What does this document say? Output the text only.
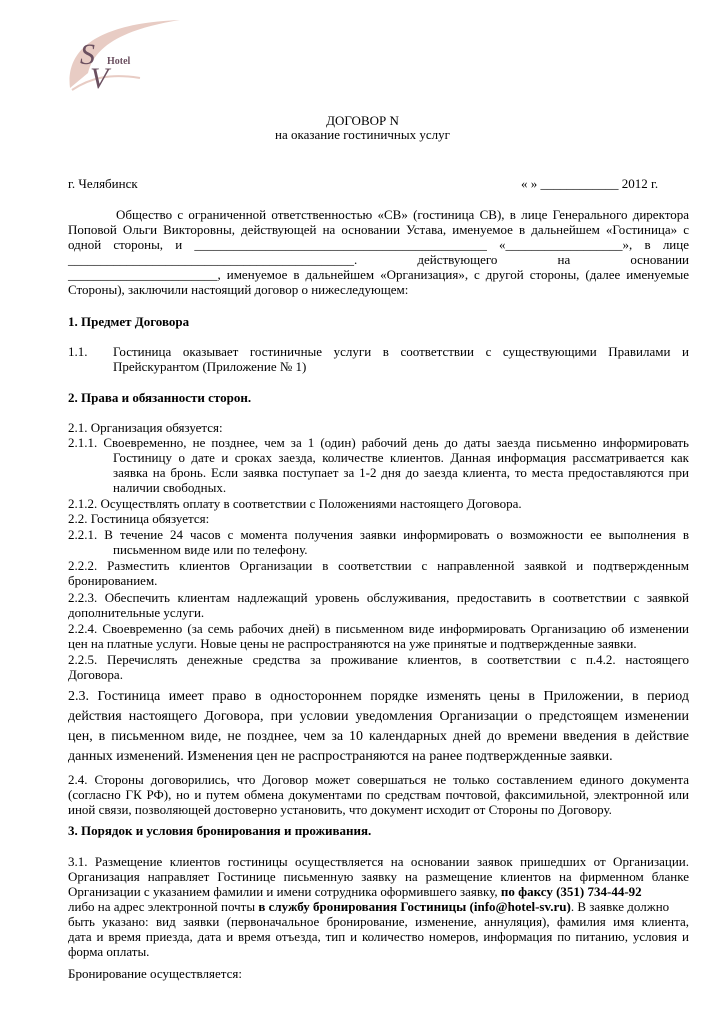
S Hotel
V
ДОГОВОР N
на оказание гостиничных услуг
г. Челябинск	« » ____________ 2012 г.
Общество с ограниченной ответственностью «СВ» (гостиница СВ), в лице Генерального директора
Поповой Ольги Викторовны, действующей на основании Устава, именуемое в дальнейшем «Гостиница» с
одной стороны, и _____________________________________________ «__________________», в лице
____________________________________________. действующего на основании
_______________________, именуемое в дальнейшем «Организация», с другой стороны, (далее именуемые
Стороны), заключили настоящий договор о нижеследующем:
1. Предмет Договора
1.1. Гостиница оказывает гостиничные услуги в соответствии с существующими Правилами и
Прейскурантом (Приложение № 1)
2. Права и обязанности сторон.
2.1. Организация обязуется:
2.1.1. Своевременно, не позднее, чем за 1 (один) рабочий день до даты заезда письменно информировать
Гостиницу о дате и сроках заезда, количестве клиентов. Данная информация рассматривается как
заявка на бронь. Если заявка поступает за 1-2 дня до заезда клиента, то места предоставляются при
наличии свободных.
2.1.2. Осуществлять оплату в соответствии с Положениями настоящего Договора.
2.2. Гостиница обязуется:
2.2.1. В течение 24 часов с момента получения заявки информировать о возможности ее выполнения в
письменном виде или по телефону.
2.2.2. Разместить клиентов Организации в соответствии с направленной заявкой и подтвержденным
бронированием.
2.2.3. Обеспечить клиентам надлежащий уровень обслуживания, предоставить в соответствии с заявкой
дополнительные услуги.
2.2.4. Своевременно (за семь рабочих дней) в письменном виде информировать Организацию об изменении
цен на платные услуги. Новые цены не распространяются на уже принятые и подтвержденные заявки.
2.2.5. Перечислять денежные средства за проживание клиентов, в соответствии с п.4.2. настоящего
Договора.
2.3. Гостиница имеет право в одностороннем порядке изменять цены в Приложении, в период
действия настоящего Договора, при условии уведомления Организации о предстоящем изменении
цен, в письменном виде, не позднее, чем за 10 календарных дней до времени введения в действие
данных изменений. Изменения цен не распространяются на ранее подтвержденные заявки.
2.4. Стороны договорились, что Договор может совершаться не только составлением единого документа
(согласно ГК РФ), но и путем обмена документами по средствам почтовой, факсимильной, электронной или
иной связи, позволяющей достоверно установить, что документ исходит от Стороны по Договору.
3. Порядок и условия бронирования и проживания.
3.1. Размещение клиентов гостиницы осуществляется на основании заявок пришедших от Организации.
Организация направляет Гостинице письменную заявку на размещение клиентов на фирменном бланке
Организации с указанием фамилии и имени сотрудника оформившего заявку, по факсу (351) 734-44-92
либо на адрес электронной почты в службу бронирования Гостиницы (info@hotel-sv.ru). В заявке должно
быть указано: вид заявки (первоначальное бронирование, изменение, аннуляция), фамилия имя клиента,
дата и время приезда, дата и время отъезда, тип и количество номеров, информация по питанию, условия и
форма оплаты.
Бронирование осуществляется:
